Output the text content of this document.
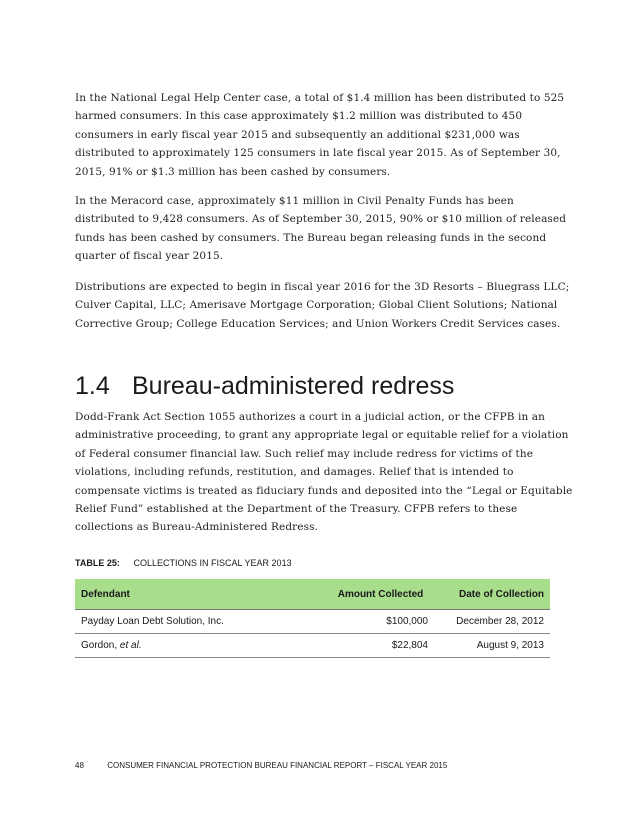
In the National Legal Help Center case, a total of $1.4 million has been distributed to 525 harmed consumers. In this case approximately $1.2 million was distributed to 450 consumers in early fiscal year 2015 and subsequently an additional $231,000 was distributed to approximately 125 consumers in late fiscal year 2015. As of September 30, 2015, 91% or $1.3 million has been cashed by consumers.

In the Meracord case, approximately $11 million in Civil Penalty Funds has been distributed to 9,428 consumers. As of September 30, 2015, 90% or $10 million of released funds has been cashed by consumers. The Bureau began releasing funds in the second quarter of fiscal year 2015.

Distributions are expected to begin in fiscal year 2016 for the 3D Resorts – Bluegrass LLC; Culver Capital, LLC; Amerisave Mortgage Corporation; Global Client Solutions; National Corrective Group; College Education Services; and Union Workers Credit Services cases.

1.4 Bureau-administered redress

Dodd-Frank Act Section 1055 authorizes a court in a judicial action, or the CFPB in an administrative proceeding, to grant any appropriate legal or equitable relief for a violation of Federal consumer financial law. Such relief may include redress for victims of the violations, including refunds, restitution, and damages. Relief that is intended to compensate victims is treated as fiduciary funds and deposited into the “Legal or Equitable Relief Fund” established at the Department of the Treasury. CFPB refers to these collections as Bureau-Administered Redress.

TABLE 25: COLLECTIONS IN FISCAL YEAR 2013
Defendant	Amount Collected	Date of Collection
Payday Loan Debt Solution, Inc.	$100,000	December 28, 2012
Gordon, et al.	$22,804	August 9, 2013
48	CONSUMER FINANCIAL PROTECTION BUREAU FINANCIAL REPORT – FISCAL YEAR 2015
